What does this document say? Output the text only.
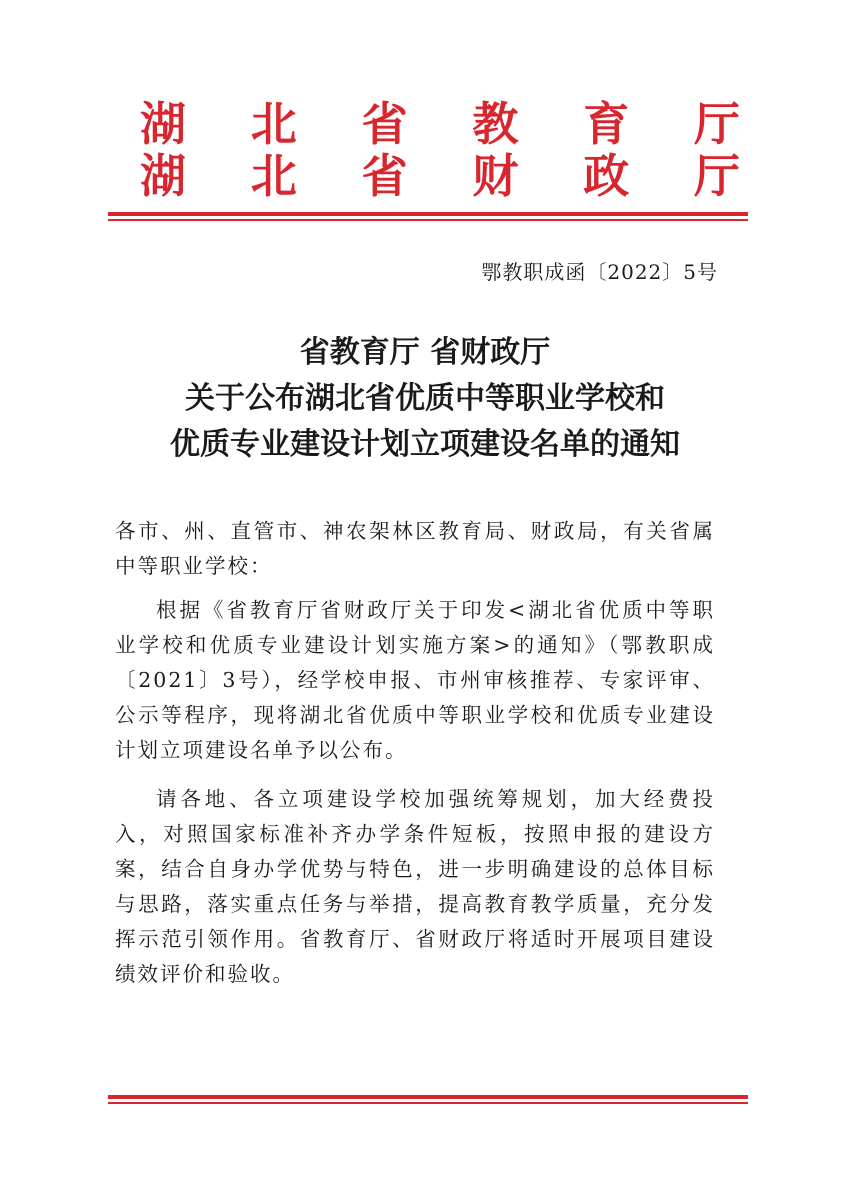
湖 北 省 教 育 厅
湖 北 省 财 政 厅
鄂教职成函〔2022〕5号

省教育厅 省财政厅

关于公布湖北省优质中等职业学校和

优质专业建设计划立项建设名单的通知

各市、州、直管市、神农架林区教育局、财政局，有关省属中等职业学校：

根据《省教育厅省财政厅关于印发<湖北省优质中等职业学校和优质专业建设计划实施方案>的通知》（鄂教职成〔2021〕3号），经学校申报、市州审核推荐、专家评审、公示等程序，现将湖北省优质中等职业学校和优质专业建设计划立项建设名单予以公布。

请各地、各立项建设学校加强统筹规划，加大经费投入，对照国家标准补齐办学条件短板，按照申报的建设方案，结合自身办学优势与特色，进一步明确建设的总体目标与思路，落实重点任务与举措，提高教育教学质量，充分发挥示范引领作用。省教育厅、省财政厅将适时开展项目建设绩效评价和验收。
